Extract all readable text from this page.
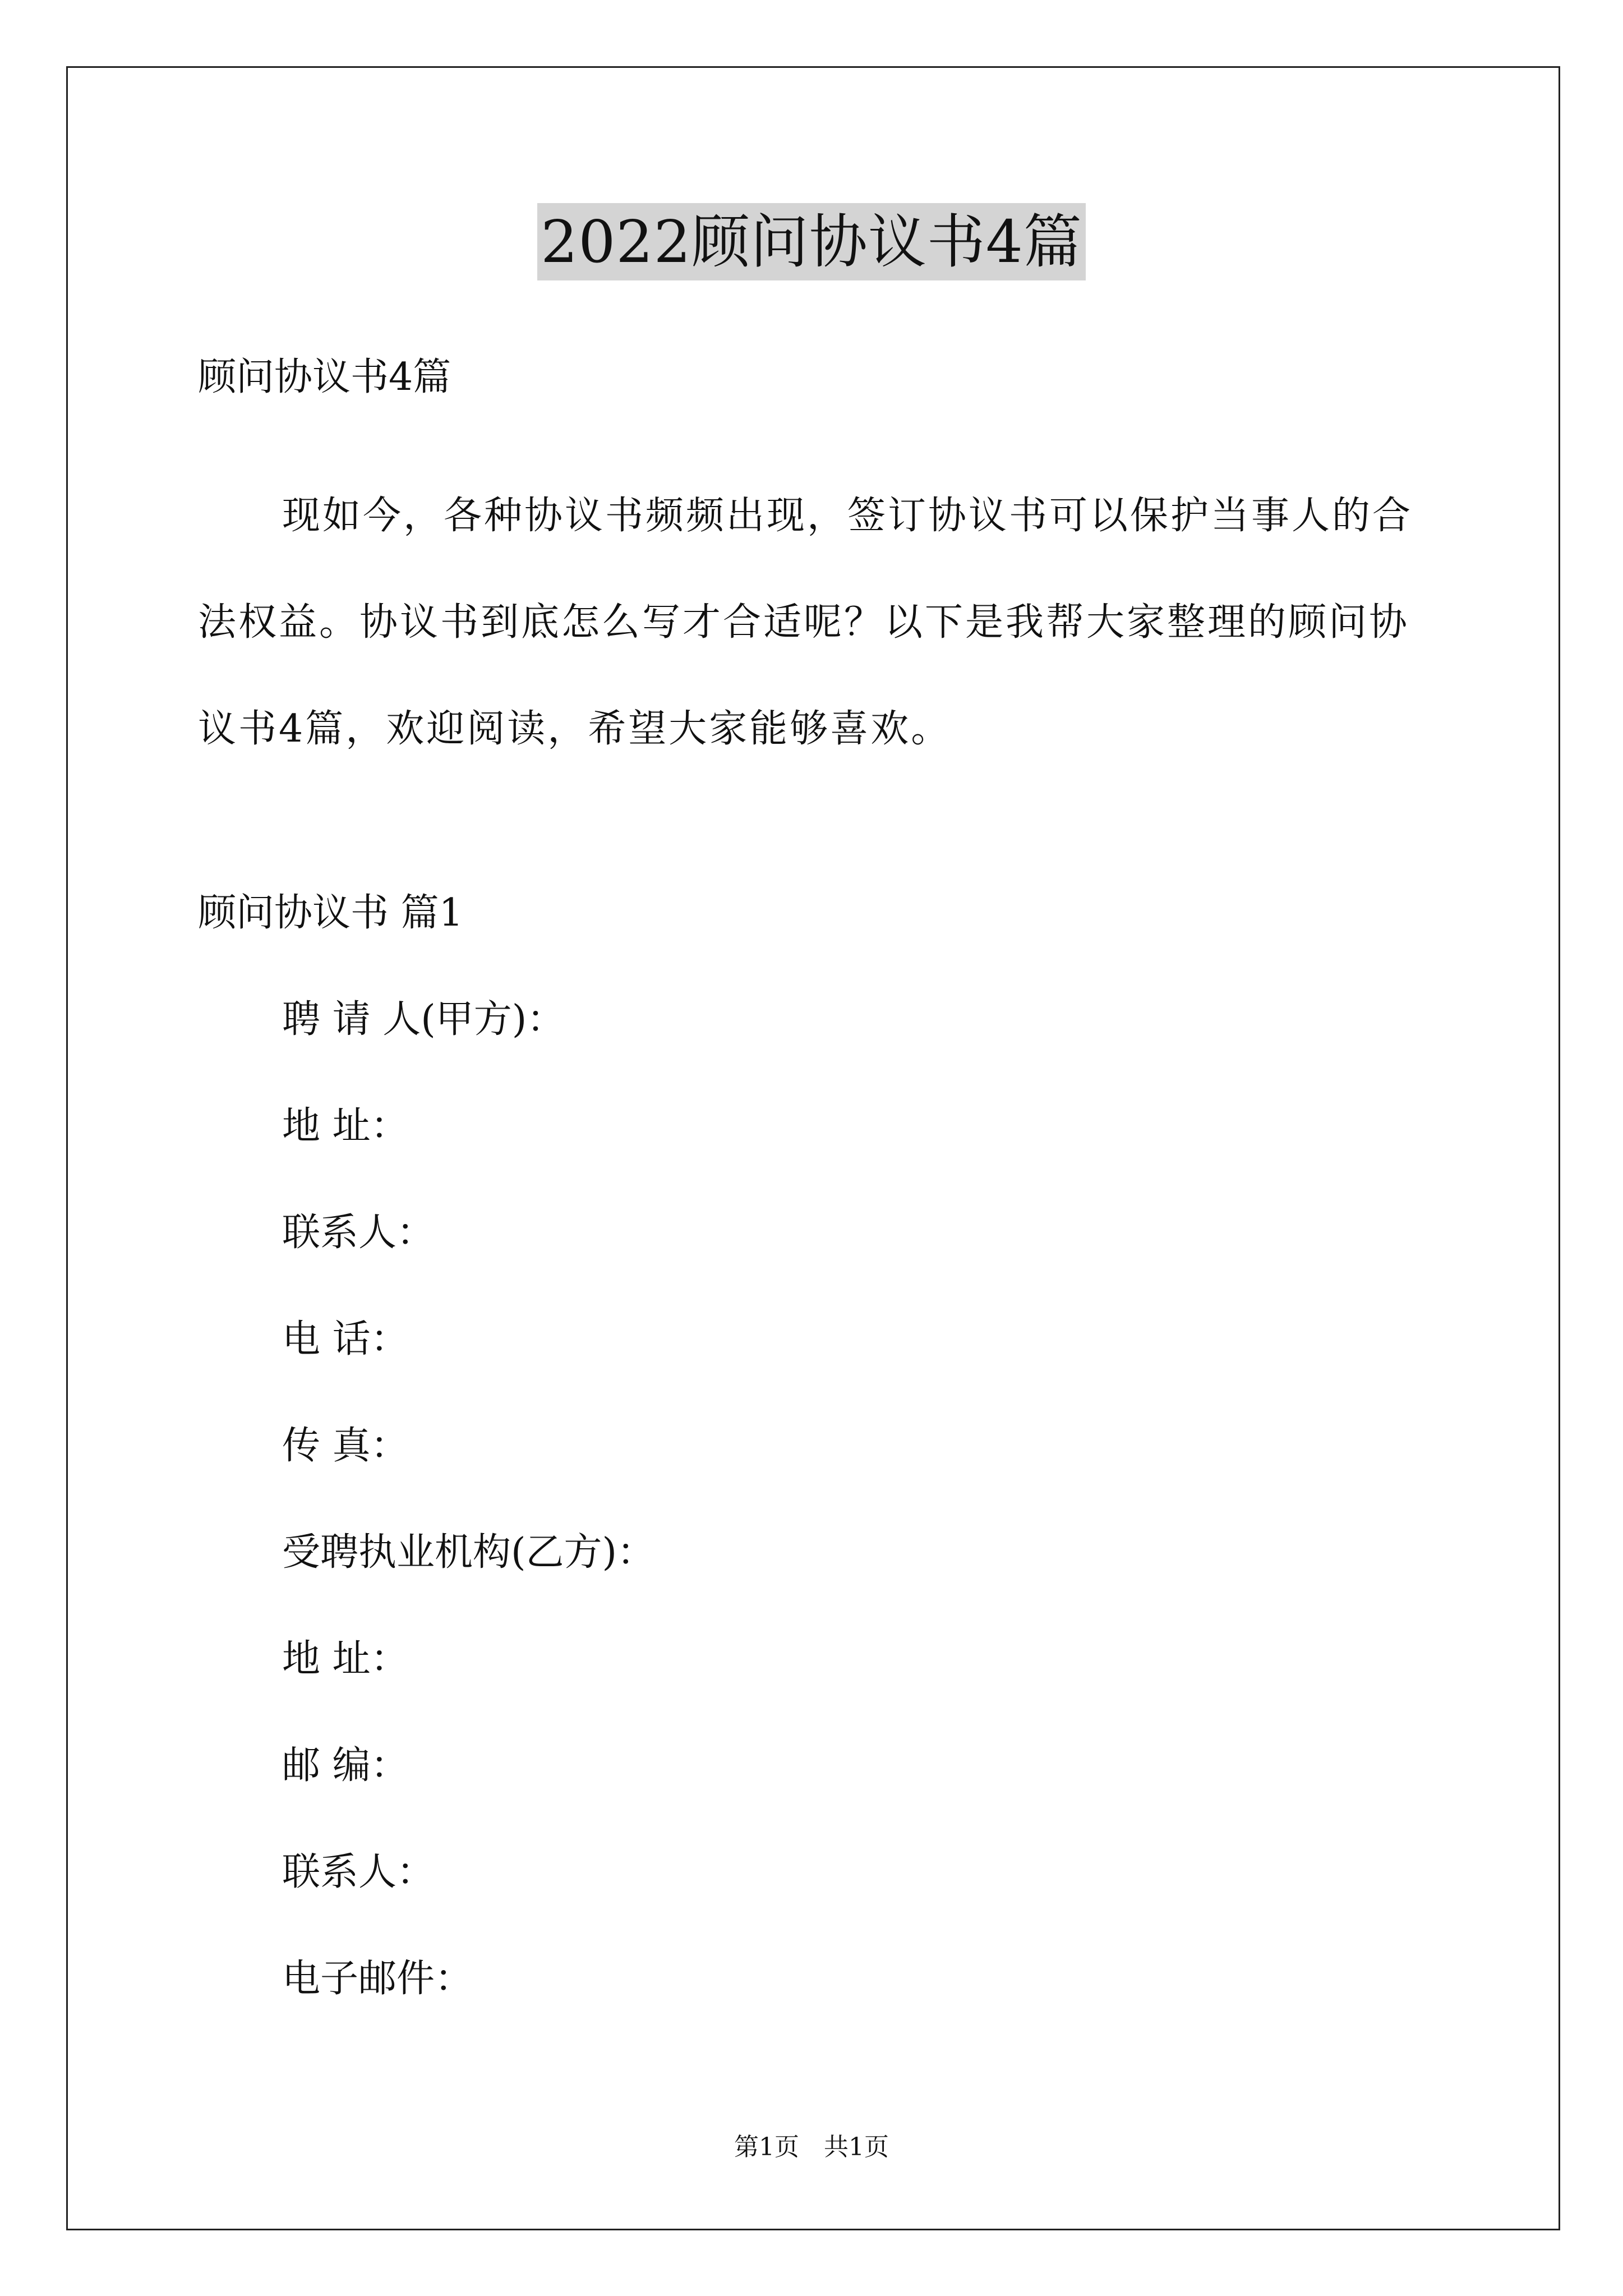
2022顾问协议书4篇
顾问协议书4篇
现如今，各种协议书频频出现，签订协议书可以保护当事人的合法权益。协议书到底怎么写才合适呢？以下是我帮大家整理的顾问协议书4篇，欢迎阅读，希望大家能够喜欢。
顾问协议书 篇1
聘 请 人(甲方)：
地 址：
联系人：
电 话：
传 真：
受聘执业机构(乙方)：
地 址：
邮 编：
联系人：
电子邮件：
第1页　共1页
